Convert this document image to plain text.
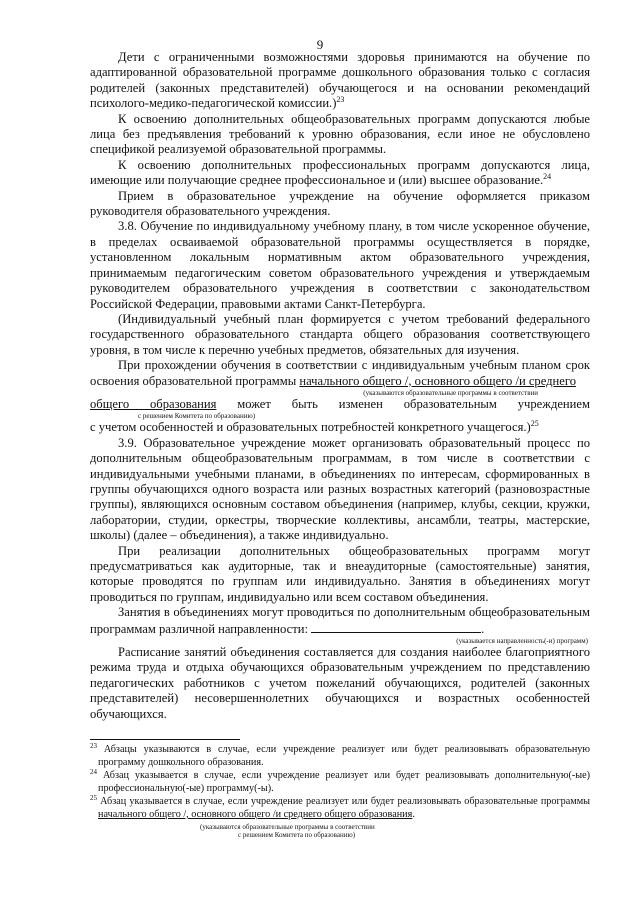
9

Дети с ограниченными возможностями здоровья принимаются на обучение по адаптированной образовательной программе дошкольного образования только с согласия родителей (законных представителей) обучающегося и на основании рекомендаций психолого-медико-педагогической комиссии.)$^{23}$

К освоению дополнительных общеобразовательных программ допускаются любые лица без предъявления требований к уровню образования, если иное не обусловлено спецификой реализуемой образовательной программы.

К освоению дополнительных профессиональных программ допускаются лица, имеющие или получающие среднее профессиональное и (или) высшее образование.$^{24}$

Прием в образовательное учреждение на обучение оформляется приказом руководителя образовательного учреждения.

3.8. Обучение по индивидуальному учебному плану, в том числе ускоренное обучение, в пределах осваиваемой образовательной программы осуществляется в порядке, установленном локальным нормативным актом образовательного учреждения, принимаемым педагогическим советом образовательного учреждения и утверждаемым руководителем образовательного учреждения в соответствии с законодательством Российской Федерации, правовыми актами Санкт-Петербурга.

(Индивидуальный учебный план формируется с учетом требований федерального государственного образовательного стандарта общего образования соответствующего уровня, в том числе к перечню учебных предметов, обязательных для изучения.

При прохождении обучения в соответствии с индивидуальным учебным планом срок освоения образовательной программы начального общего /, основного общего /и среднего

(указываются образовательные программы в соответствии

общего образования может быть изменен образовательным учреждением

с решением Комитета по образованию)

с учетом особенностей и образовательных потребностей конкретного учащегося.)$^{25}$

3.9. Образовательное учреждение может организовать образовательный процесс по дополнительным общеобразовательным программам, в том числе в соответствии с индивидуальными учебными планами, в объединениях по интересам, сформированных в группы обучающихся одного возраста или разных возрастных категорий (разновозрастные группы), являющихся основным составом объединения (например, клубы, секции, кружки, лаборатории, студии, оркестры, творческие коллективы, ансамбли, театры, мастерские, школы) (далее – объединения), а также индивидуально.

При реализации дополнительных общеобразовательных программ могут предусматриваться как аудиторные, так и внеаудиторные (самостоятельные) занятия, которые проводятся по группам или индивидуально. Занятия в объединениях могут проводиться по группам, индивидуально или всем составом объединения.

Занятия в объединениях могут проводиться по дополнительным общеобразовательным программам различной направленности:	.

(указывается направленность(-и) программ)

Расписание занятий объединения составляется для создания наиболее благоприятного режима труда и отдыха обучающихся образовательным учреждением по представлению педагогических работников с учетом пожеланий обучающихся, родителей (законных представителей) несовершеннолетних обучающихся и возрастных особенностей обучающихся.

$^{23}$ Абзацы указываются в случае, если учреждение реализует или будет реализовывать образовательную программу дошкольного образования.

$^{24}$ Абзац указывается в случае, если учреждение реализует или будет реализовывать дополнительную(-ые) профессиональную(-ые) программу(-ы).

$^{25}$ Абзац указывается в случае, если учреждение реализует или будет реализовывать образовательные программы начального общего /, основного общего /и среднего общего образования.

(указываются образовательные программы в соответствии
с решением Комитета по образованию)
